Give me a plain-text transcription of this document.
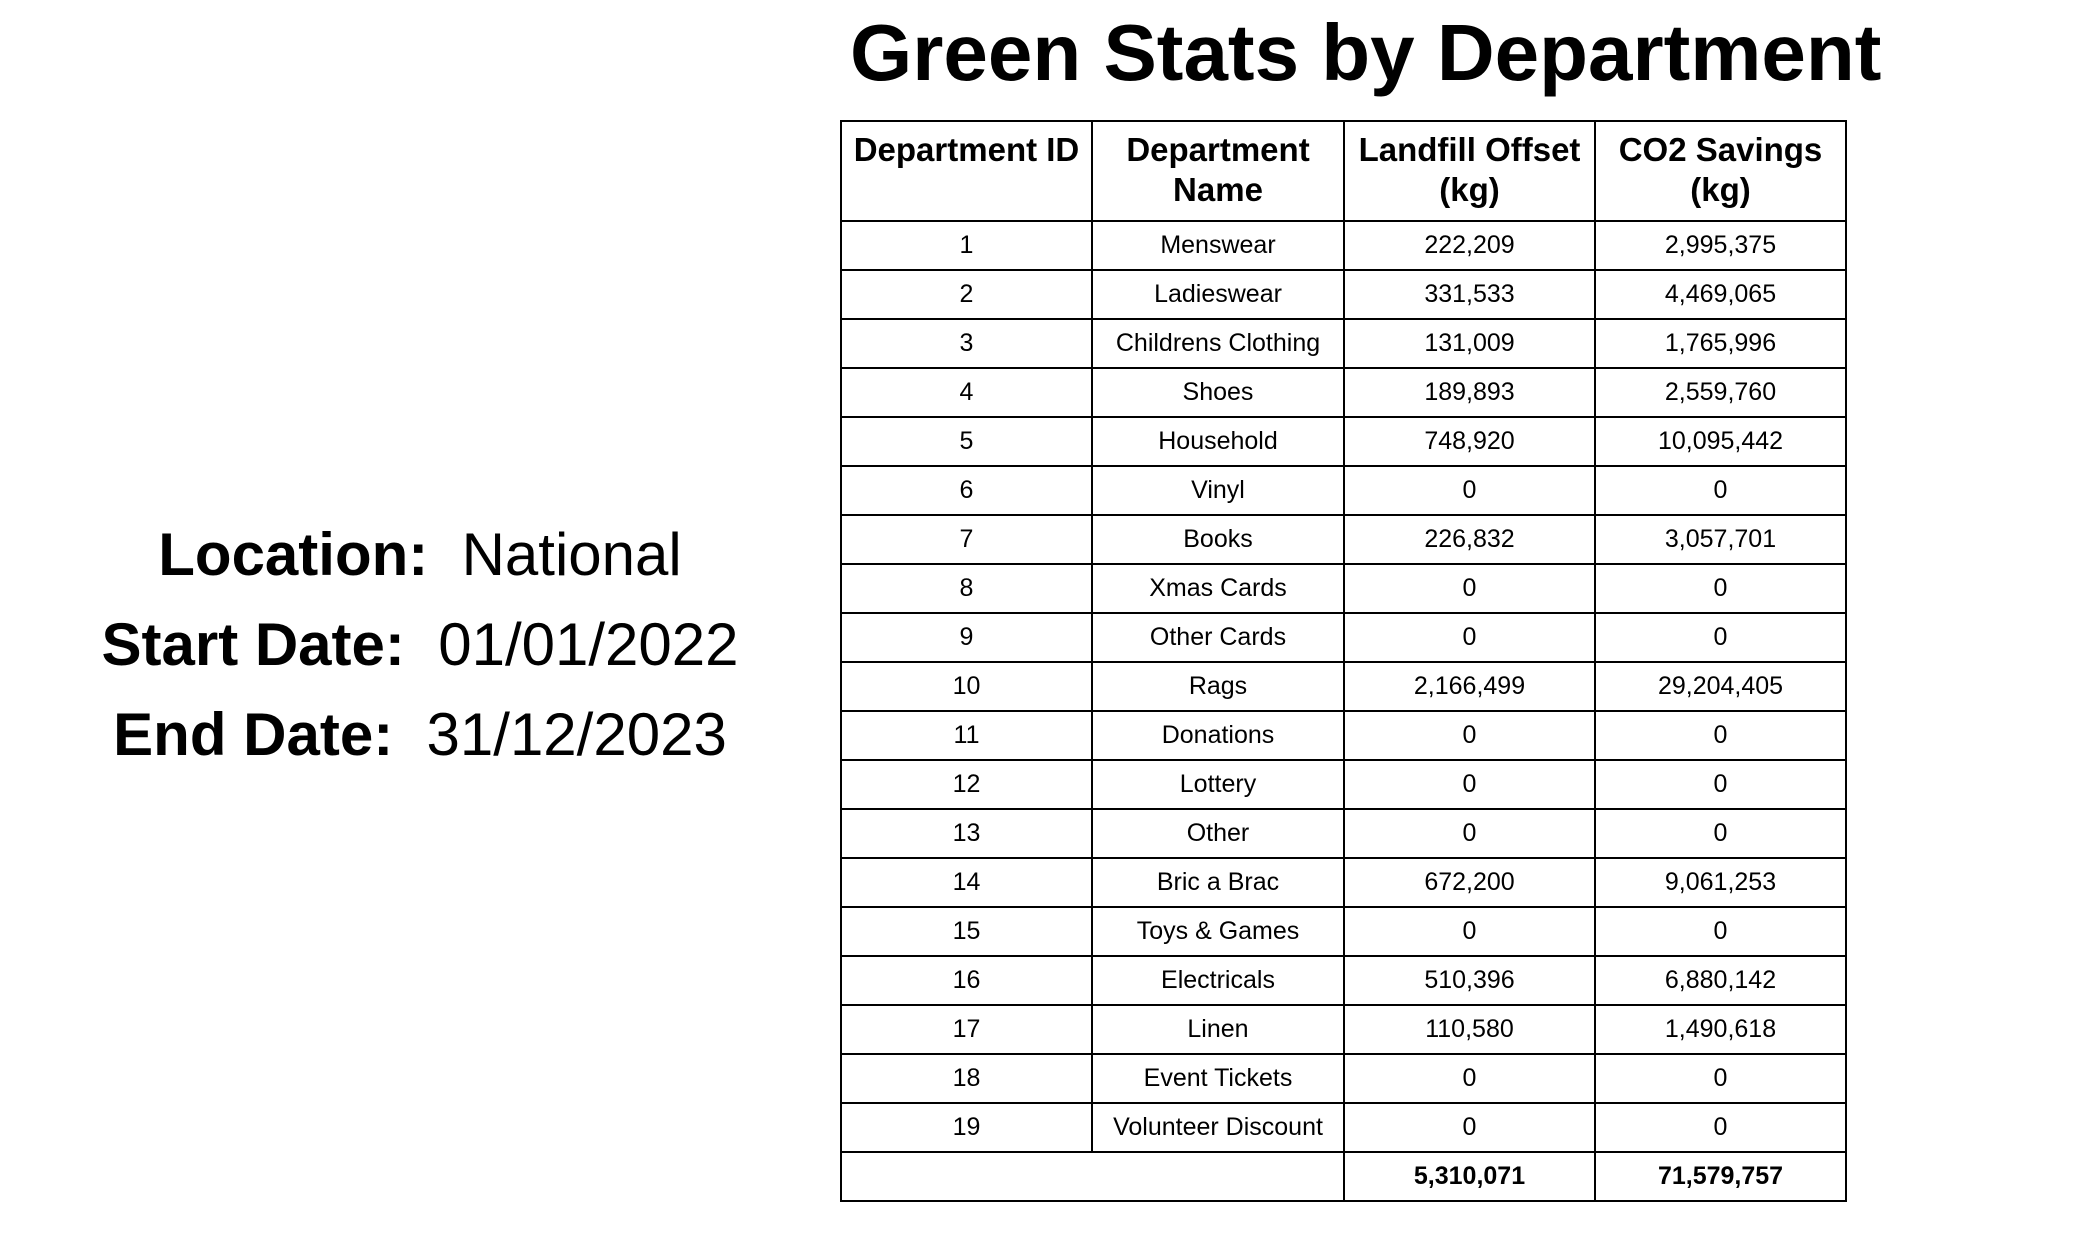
Green Stats by Department
Location: National
Start Date: 01/01/2022
End Date: 31/12/2023
Department ID	Department Name	Landfill Offset (kg)	CO2 Savings (kg)
1	Menswear	222,209	2,995,375
2	Ladieswear	331,533	4,469,065
3	Childrens Clothing	131,009	1,765,996
4	Shoes	189,893	2,559,760
5	Household	748,920	10,095,442
6	Vinyl	0	0
7	Books	226,832	3,057,701
8	Xmas Cards	0	0
9	Other Cards	0	0
10	Rags	2,166,499	29,204,405
11	Donations	0	0
12	Lottery	0	0
13	Other	0	0
14	Bric a Brac	672,200	9,061,253
15	Toys & Games	0	0
16	Electricals	510,396	6,880,142
17	Linen	110,580	1,490,618
18	Event Tickets	0	0
19	Volunteer Discount	0	0
		5,310,071	71,579,757
